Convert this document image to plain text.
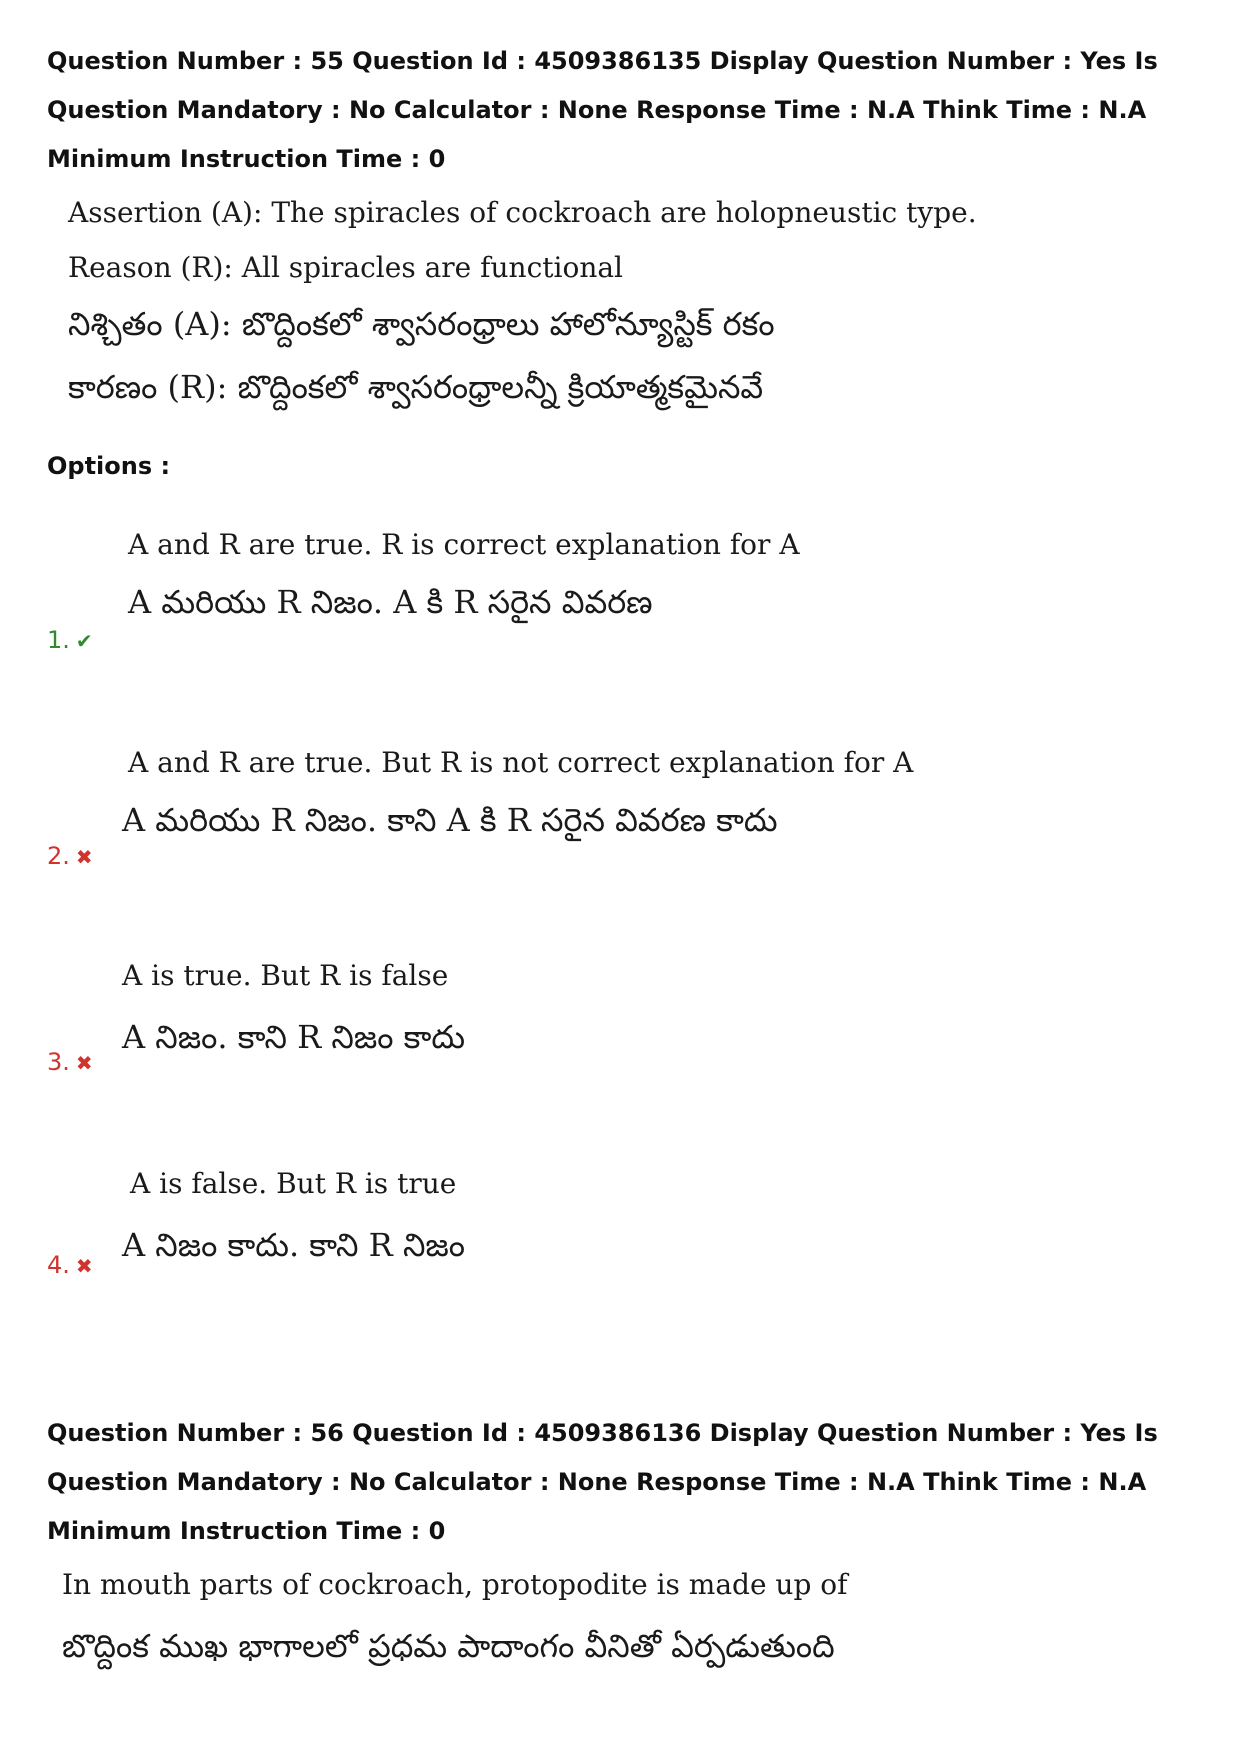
Question Number : 55 Question Id : 4509386135 Display Question Number : Yes Is Question Mandatory : No Calculator : None Response Time : N.A Think Time : N.A Minimum Instruction Time : 0
Assertion (A): The spiracles of cockroach are holopneustic type.
Reason (R): All spiracles are functional
నిశ్చితం (A): బొద్దింకలో శ్వాసరంధ్రాలు హాలోన్యూస్టిక్ రకం
కారణం (R): బొద్దింకలో శ్వాసరంధ్రాలన్నీ క్రియాత్మకమైనవే
Options :
A and R are true. R is correct explanation for A
A మరియు R నిజం. A కి R సరైన వివరణ
1. ✔
A and R are true. But R is not correct explanation for A
A మరియు R నిజం. కాని A కి R సరైన వివరణ కాదు
2. ✖
A is true. But R is false
A నిజం. కాని R నిజం కాదు
3. ✖
A is false. But R is true
A నిజం కాదు. కాని R నిజం
4. ✖
Question Number : 56 Question Id : 4509386136 Display Question Number : Yes Is Question Mandatory : No Calculator : None Response Time : N.A Think Time : N.A Minimum Instruction Time : 0
In mouth parts of cockroach, protopodite is made up of
బొద్దింక ముఖ భాగాలలో ప్రధమ పాదాంగం వీనితో ఏర్పడుతుంది
